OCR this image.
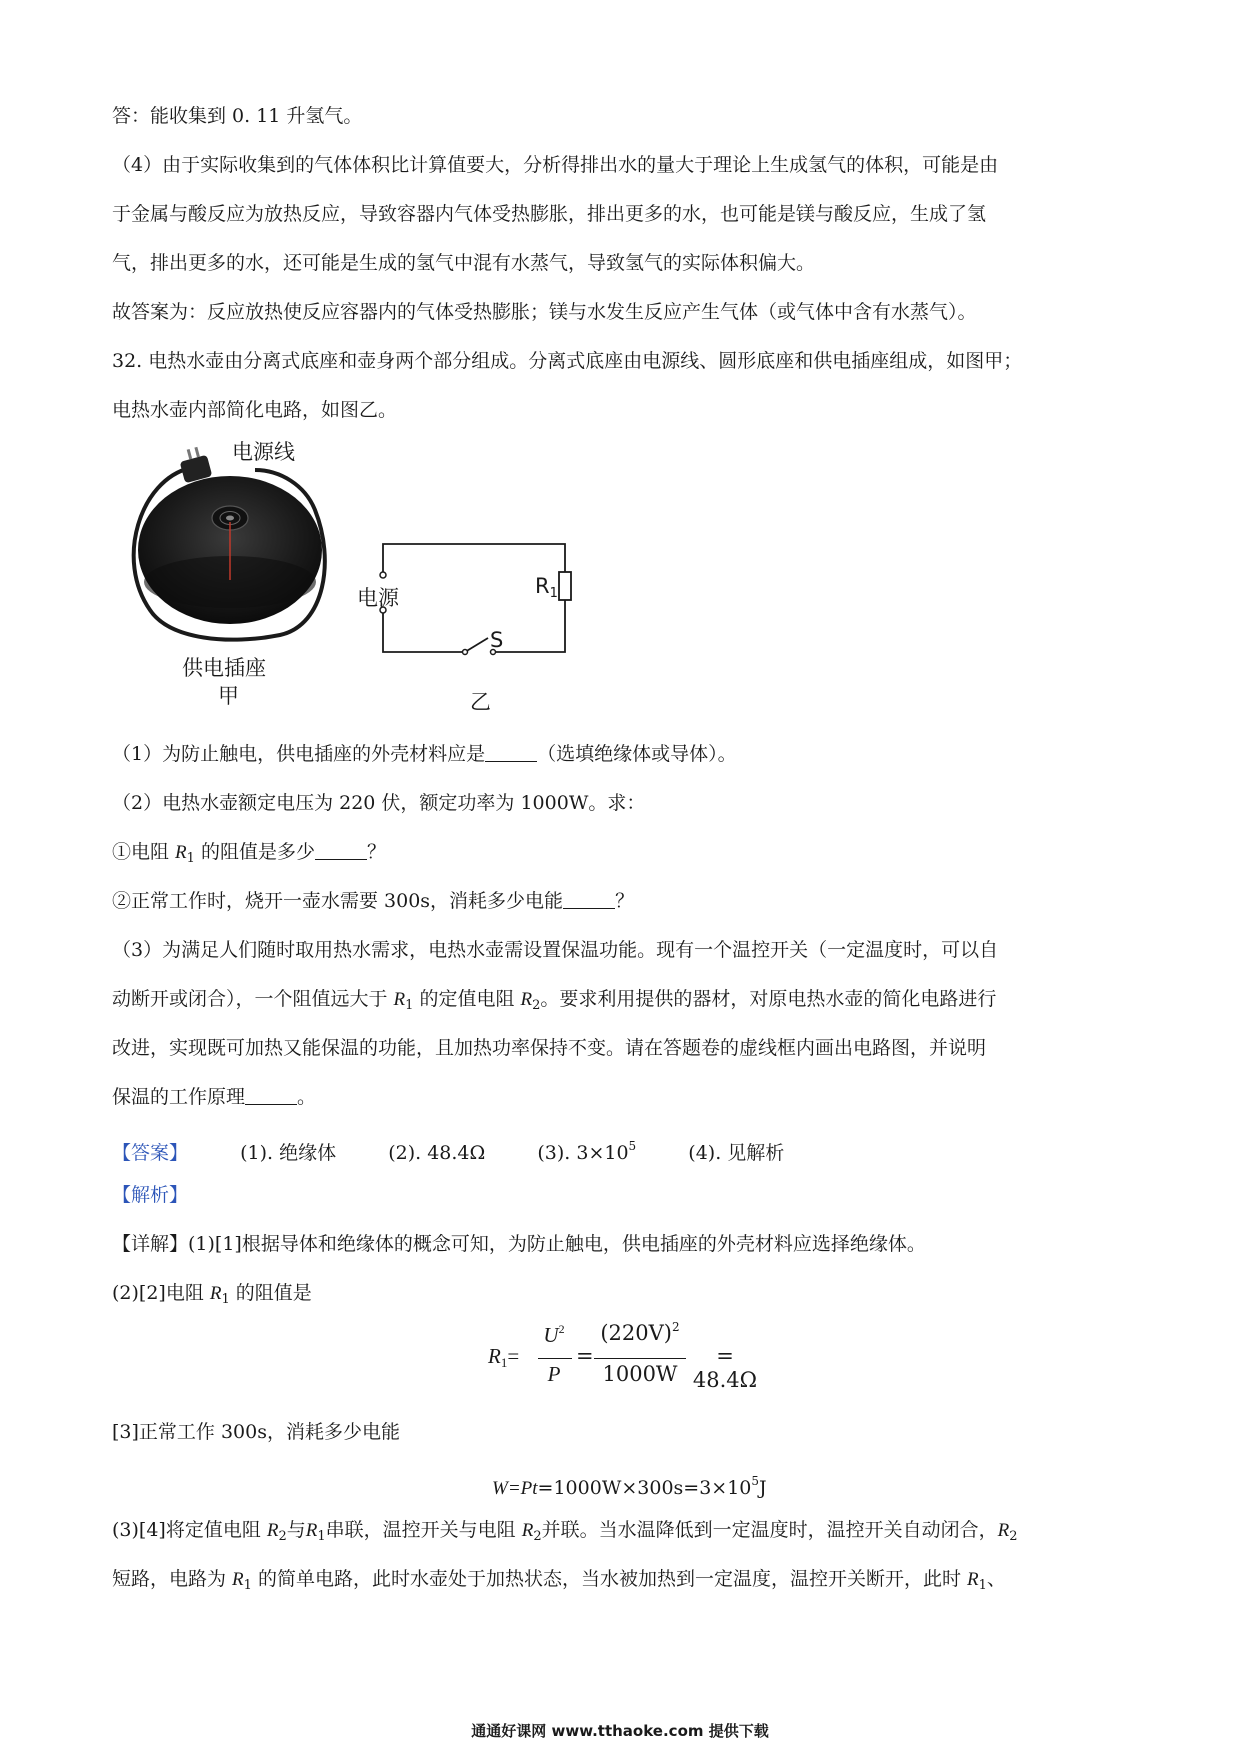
答：能收集到 0. 11 升氢气。
（4）由于实际收集到的气体体积比计算值要大，分析得排出水的量大于理论上生成氢气的体积，可能是由
于金属与酸反应为放热反应，导致容器内气体受热膨胀，排出更多的水，也可能是镁与酸反应，生成了氢
气，排出更多的水，还可能是生成的氢气中混有水蒸气，导致氢气的实际体积偏大。
故答案为：反应放热使反应容器内的气体受热膨胀；镁与水发生反应产生气体（或气体中含有水蒸气）。
32. 电热水壶由分离式底座和壶身两个部分组成。分离式底座由电源线、圆形底座和供电插座组成，如图甲；
电热水壶内部简化电路，如图乙。
电源线
供电插座
甲
电源	$R_1$
S
乙
（1）为防止触电，供电插座的外壳材料应是	（选填绝缘体或导体）。
（2）电热水壶额定电压为 220 伏，额定功率为 1000W。求：
①电阻 $R_1$ 的阻值是多少	？
②正常工作时，烧开一壶水需要 300s，消耗多少电能	？
（3）为满足人们随时取用热水需求，电热水壶需设置保温功能。现有一个温控开关（一定温度时，可以自
动断开或闭合），一个阻值远大于 $R_1$ 的定值电阻 $R_2$。要求利用提供的器材，对原电热水壶的简化电路进行
改进，实现既可加热又能保温的功能，且加热功率保持不变。请在答题卷的虚线框内画出电路图，并说明
保温的工作原理	。
【答案】	(1). 绝缘体	(2). 48.4Ω	(3). $3\times 10^5$	(4). 见解析
【解析】
【详解】(1)[1]根据导体和绝缘体的概念可知，为防止触电，供电插座的外壳材料应选择绝缘体。
(2)[2]电阻 $R_1$ 的阻值是
$R_1=$
$U^2$
P
=
$(220V)^2$
1000W
= 48.4Ω
[3]正常工作 300s，消耗多少电能
$W=Pt=1000W\times 300s=3\times 10^5J$
(3)[4]将定值电阻 $R_2$与$R_1$串联，温控开关与电阻 $R_2$并联。当水温降低到一定温度时，温控开关自动闭合，$R_2$
短路，电路为 $R_1$ 的简单电路，此时水壶处于加热状态，当水被加热到一定温度，温控开关断开，此时 $R_1$、
通通好课网 www.tthaoke.com 提供下载
